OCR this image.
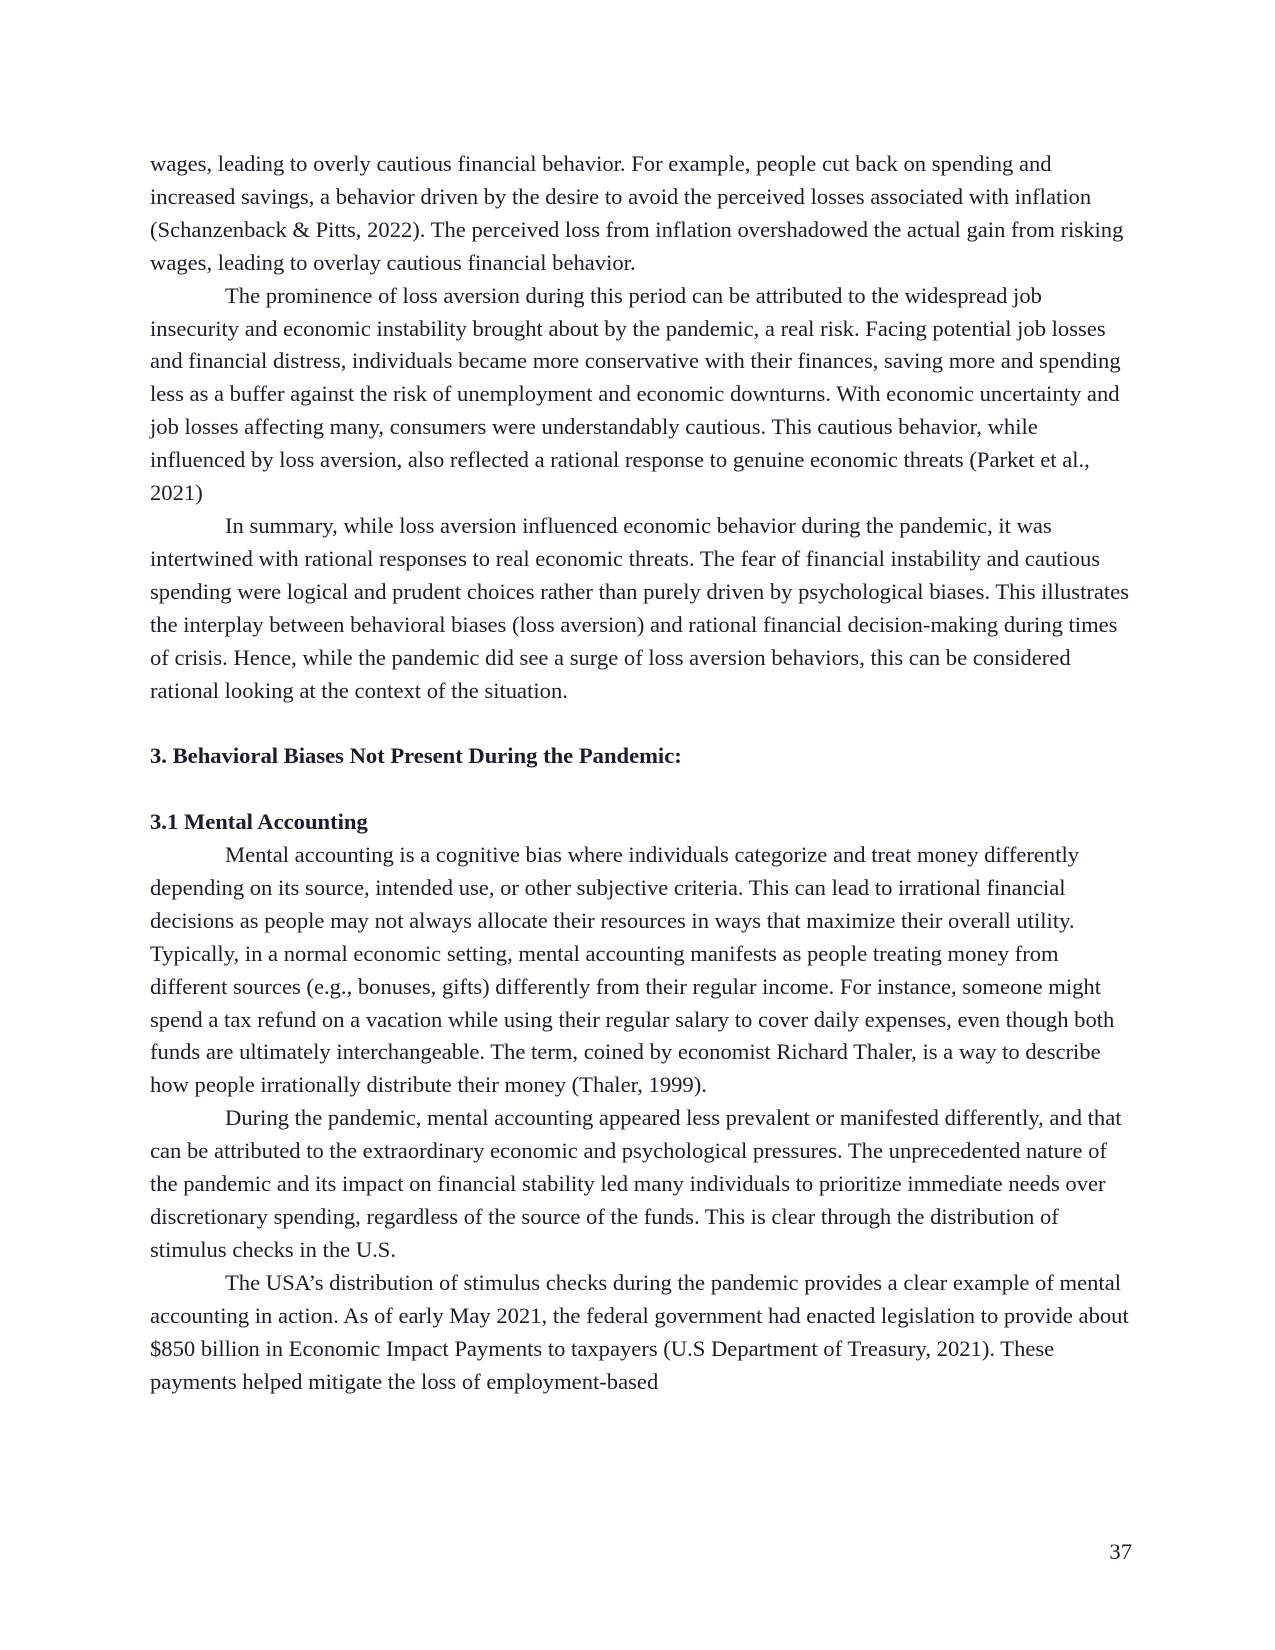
wages, leading to overly cautious financial behavior. For example, people cut back on spending and increased savings, a behavior driven by the desire to avoid the perceived losses associated with inflation (Schanzenback & Pitts, 2022). The perceived loss from inflation overshadowed the actual gain from risking wages, leading to overlay cautious financial behavior.

The prominence of loss aversion during this period can be attributed to the widespread job insecurity and economic instability brought about by the pandemic, a real risk. Facing potential job losses and financial distress, individuals became more conservative with their finances, saving more and spending less as a buffer against the risk of unemployment and economic downturns. With economic uncertainty and job losses affecting many, consumers were understandably cautious. This cautious behavior, while influenced by loss aversion, also reflected a rational response to genuine economic threats (Parket et al., 2021)

In summary, while loss aversion influenced economic behavior during the pandemic, it was intertwined with rational responses to real economic threats. The fear of financial instability and cautious spending were logical and prudent choices rather than purely driven by psychological biases. This illustrates the interplay between behavioral biases (loss aversion) and rational financial decision-making during times of crisis. Hence, while the pandemic did see a surge of loss aversion behaviors, this can be considered rational looking at the context of the situation.

3. Behavioral Biases Not Present During the Pandemic:

3.1 Mental Accounting

Mental accounting is a cognitive bias where individuals categorize and treat money differently depending on its source, intended use, or other subjective criteria. This can lead to irrational financial decisions as people may not always allocate their resources in ways that maximize their overall utility. Typically, in a normal economic setting, mental accounting manifests as people treating money from different sources (e.g., bonuses, gifts) differently from their regular income. For instance, someone might spend a tax refund on a vacation while using their regular salary to cover daily expenses, even though both funds are ultimately interchangeable. The term, coined by economist Richard Thaler, is a way to describe how people irrationally distribute their money (Thaler, 1999).

During the pandemic, mental accounting appeared less prevalent or manifested differently, and that can be attributed to the extraordinary economic and psychological pressures. The unprecedented nature of the pandemic and its impact on financial stability led many individuals to prioritize immediate needs over discretionary spending, regardless of the source of the funds. This is clear through the distribution of stimulus checks in the U.S.

The USA’s distribution of stimulus checks during the pandemic provides a clear example of mental accounting in action. As of early May 2021, the federal government had enacted legislation to provide about $850 billion in Economic Impact Payments to taxpayers (U.S Department of Treasury, 2021). These payments helped mitigate the loss of employment-based

37
